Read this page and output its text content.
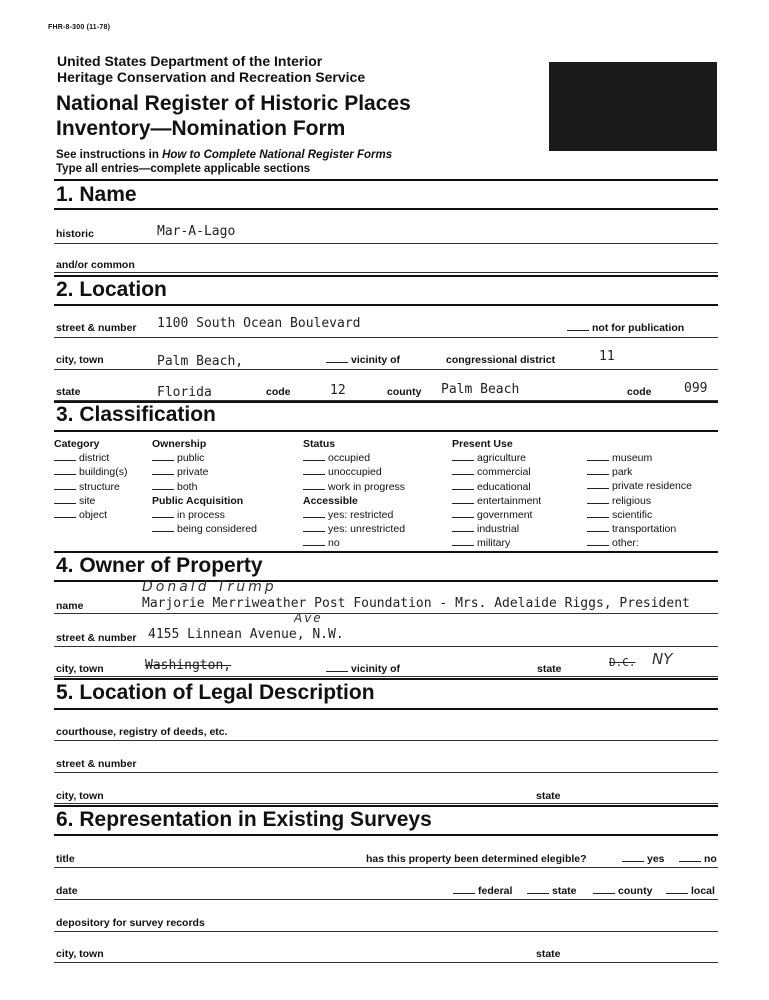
FHR-8-300 (11-78)
United States Department of the Interior
Heritage Conservation and Recreation Service
National Register of Historic Places
Inventory—Nomination Form
See instructions in How to Complete National Register Forms
Type all entries—complete applicable sections
1. Name
historic	Mar-A-Lago
and/or common
2. Location
street & number 1100 South Ocean Boulevard	not for publication
city, town	Palm Beach,	vicinity of	congressional district	11
state	Florida	code	12	county Palm Beach	code 099
3. Classification
Category
district
building(s)
structure
site
object
Ownership
public
private
both
Public Acquisition
in process
being considered
Status
occupied
unoccupied
work in progress
Accessible
yes: restricted
yes: unrestricted
no
Present Use
agriculture
commercial
educational
entertainment
government
industrial
military
museum
park
private residence
religious
scientific
transportation
other:
4. Owner of Property
Donald Trump
name	Marjorie Merriweather Post Foundation - Mrs. Adelaide Riggs, President
Ave
street & number 4155 Linnean Avenue, N.W.
city, town	Washington,	vicinity of	state	D.C. NY
5. Location of Legal Description
courthouse, registry of deeds, etc.
street & number
city, town	state
6. Representation in Existing Surveys
title	has this property been determined elegible?	yes	no
date	federal	state	county	local
depository for survey records
city, town	state
